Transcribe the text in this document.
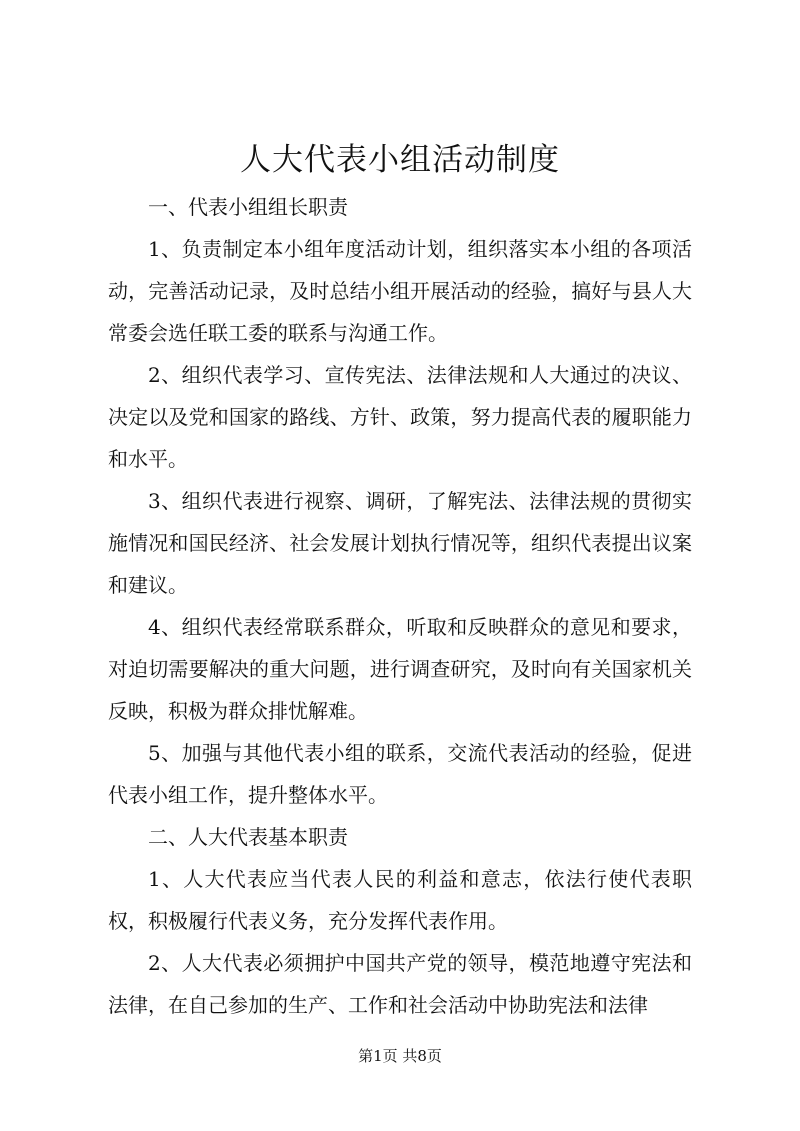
人大代表小组活动制度

一、代表小组组长职责

1、负责制定本小组年度活动计划，组织落实本小组的各项活动，完善活动记录，及时总结小组开展活动的经验，搞好与县人大常委会选任联工委的联系与沟通工作。

2、组织代表学习、宣传宪法、法律法规和人大通过的决议、决定以及党和国家的路线、方针、政策，努力提高代表的履职能力和水平。

3、组织代表进行视察、调研，了解宪法、法律法规的贯彻实施情况和国民经济、社会发展计划执行情况等，组织代表提出议案和建议。

4、组织代表经常联系群众，听取和反映群众的意见和要求，对迫切需要解决的重大问题，进行调查研究，及时向有关国家机关反映，积极为群众排忧解难。

5、加强与其他代表小组的联系，交流代表活动的经验，促进代表小组工作，提升整体水平。

二、人大代表基本职责

1、人大代表应当代表人民的利益和意志，依法行使代表职权，积极履行代表义务，充分发挥代表作用。

2、人大代表必须拥护中国共产党的领导，模范地遵守宪法和法律，在自己参加的生产、工作和社会活动中协助宪法和法律

第1页 共8页
